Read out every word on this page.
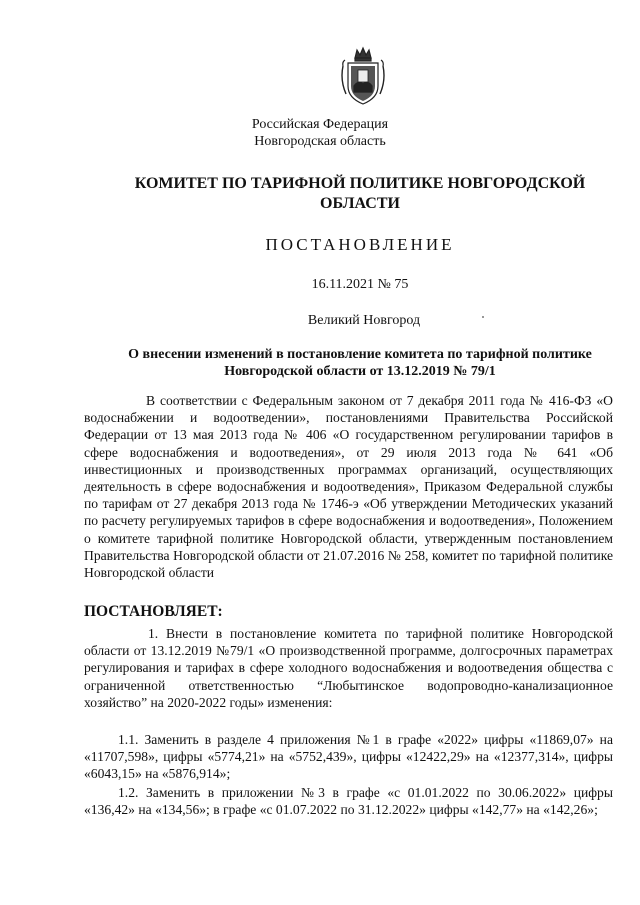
Российская Федерация
Новгородская область
КОМИТЕТ ПО ТАРИФНОЙ ПОЛИТИКЕ НОВГОРОДСКОЙ ОБЛАСТИ
ПОСТАНОВЛЕНИЕ
16.11.2021 № 75
Великий Новгород
О внесении изменений в постановление комитета по тарифной политике Новгородской области от 13.12.2019 № 79/1
В соответствии с Федеральным законом от 7 декабря 2011 года № 416-ФЗ «О водоснабжении и водоотведении», постановлениями Правительства Российской Федерации от 13 мая 2013 года № 406 «О государственном регулировании тарифов в сфере водоснабжения и водоотведения», от 29 июля 2013 года № 641 «Об инвестиционных и производственных программах организаций, осуществляющих деятельность в сфере водоснабжения и водоотведения», Приказом Федеральной службы по тарифам от 27 декабря 2013 года № 1746-э «Об утверждении Методических указаний по расчету регулируемых тарифов в сфере водоснабжения и водоотведения», Положением о комитете тарифной политике Новгородской области, утвержденным постановлением Правительства Новгородской области от 21.07.2016 № 258, комитет по тарифной политике Новгородской области
ПОСТАНОВЛЯЕТ:
1. Внести в постановление комитета по тарифной политике Новгородской области от 13.12.2019 №79/1 «О производственной программе, долгосрочных параметрах регулирования и тарифах в сфере холодного водоснабжения и водоотведения общества с ограниченной ответственностью “Любытинское водопроводно-канализационное хозяйство” на 2020-2022 годы» изменения:
1.1. Заменить в разделе 4 приложения №1 в графе «2022» цифры «11869,07» на «11707,598», цифры «5774,21» на «5752,439», цифры «12422,29» на «12377,314», цифры «6043,15» на «5876,914»;
1.2. Заменить в приложении №3 в графе «с 01.01.2022 по 30.06.2022» цифры «136,42» на «134,56»; в графе «с 01.07.2022 по 31.12.2022» цифры «142,77» на «142,26»;
